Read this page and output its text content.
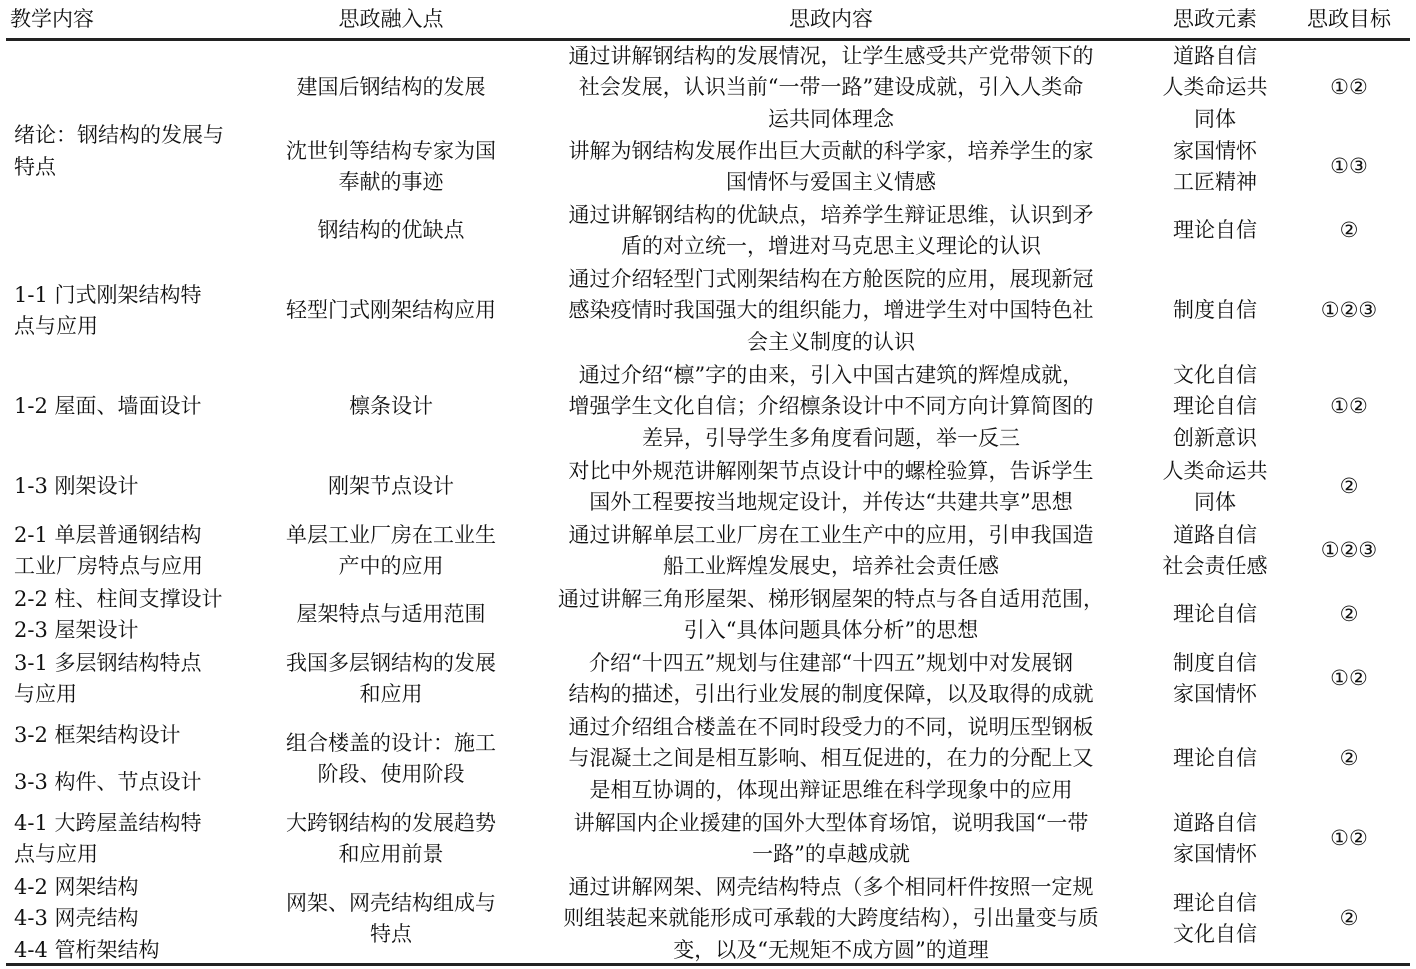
教学内容	思政融入点	思政内容	思政元素	思政目标

绪论：钢结构的发展与
特点	建国后钢结构的发展	通过讲解钢结构的发展情况，让学生感受共产党带领下的
社会发展，认识当前“一带一路”建设成就，引入人类命
运共同体理念	道路自信
人类命运共
同体	①②

	沈世钊等结构专家为国
奉献的事迹	讲解为钢结构发展作出巨大贡献的科学家，培养学生的家
国情怀与爱国主义情感	家国情怀
工匠精神	①③

	钢结构的优缺点	通过讲解钢结构的优缺点，培养学生辩证思维，认识到矛
盾的对立统一，增进对马克思主义理论的认识	理论自信	②

1-1 门式刚架结构特
点与应用	轻型门式刚架结构应用	通过介绍轻型门式刚架结构在方舱医院的应用，展现新冠
感染疫情时我国强大的组织能力，增进学生对中国特色社
会主义制度的认识	制度自信	①②③

1-2 屋面、墙面设计	檩条设计	通过介绍“檩”字的由来，引入中国古建筑的辉煌成就，
增强学生文化自信；介绍檩条设计中不同方向计算简图的
差异，引导学生多角度看问题，举一反三	文化自信
理论自信
创新意识	①②

1-3 刚架设计	刚架节点设计	对比中外规范讲解刚架节点设计中的螺栓验算，告诉学生
国外工程要按当地规定设计，并传达“共建共享”思想	人类命运共
同体	②

2-1 单层普通钢结构
工业厂房特点与应用	单层工业厂房在工业生
产中的应用	通过讲解单层工业厂房在工业生产中的应用，引申我国造
船工业辉煌发展史，培养社会责任感	道路自信
社会责任感	①②③

2-2 柱、柱间支撑设计
2-3 屋架设计	屋架特点与适用范围	通过讲解三角形屋架、梯形钢屋架的特点与各自适用范围，
引入“具体问题具体分析”的思想	理论自信	②

3-1 多层钢结构特点
与应用	我国多层钢结构的发展
和应用	介绍“十四五”规划与住建部“十四五”规划中对发展钢
结构的描述，引出行业发展的制度保障，以及取得的成就	制度自信
家国情怀	①②

3-2 框架结构设计
3-3 构件、节点设计	组合楼盖的设计：施工
阶段、使用阶段	通过介绍组合楼盖在不同时段受力的不同，说明压型钢板
与混凝土之间是相互影响、相互促进的，在力的分配上又
是相互协调的，体现出辩证思维在科学现象中的应用	理论自信	②

4-1 大跨屋盖结构特
点与应用	大跨钢结构的发展趋势
和应用前景	讲解国内企业援建的国外大型体育场馆，说明我国“一带
一路”的卓越成就	道路自信
家国情怀	①②

4-2 网架结构
4-3 网壳结构
4-4 管桁架结构	网架、网壳结构组成与
特点	通过讲解网架、网壳结构特点（多个相同杆件按照一定规
则组装起来就能形成可承载的大跨度结构），引出量变与质
变，以及“无规矩不成方圆”的道理	理论自信
文化自信	②
